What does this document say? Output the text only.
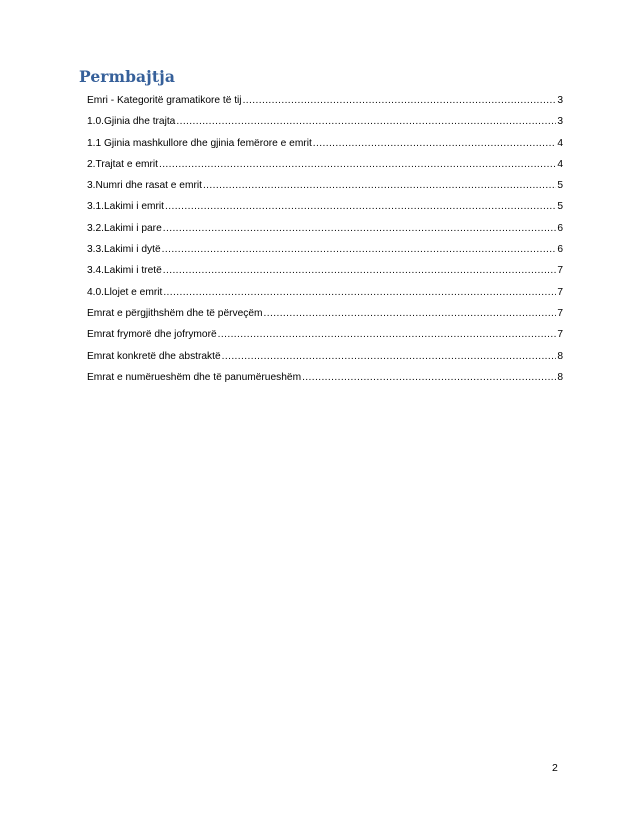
Permbajtja
Emri - Kategoritë gramatikore të tij .....	3
1.0.Gjinia dhe trajta .....	3
1.1 Gjinia mashkullore dhe gjinia femërore e emrit .....	4
2.Trajtat e emrit .....	4
3.Numri dhe rasat e emrit .....	5
3.1.Lakimi i emrit .....	5
3.2.Lakimi i pare .....	6
3.3.Lakimi i dytë .....	6
3.4.Lakimi i tretë .....	7
4.0.Llojet e emrit .....	7
Emrat e përgjithshëm dhe të përveçëm .....	7
Emrat frymorë dhe jofrymorë .....	7
Emrat konkretë dhe abstraktë .....	8
Emrat e numërueshëm dhe të panumërueshëm .....	8
2
